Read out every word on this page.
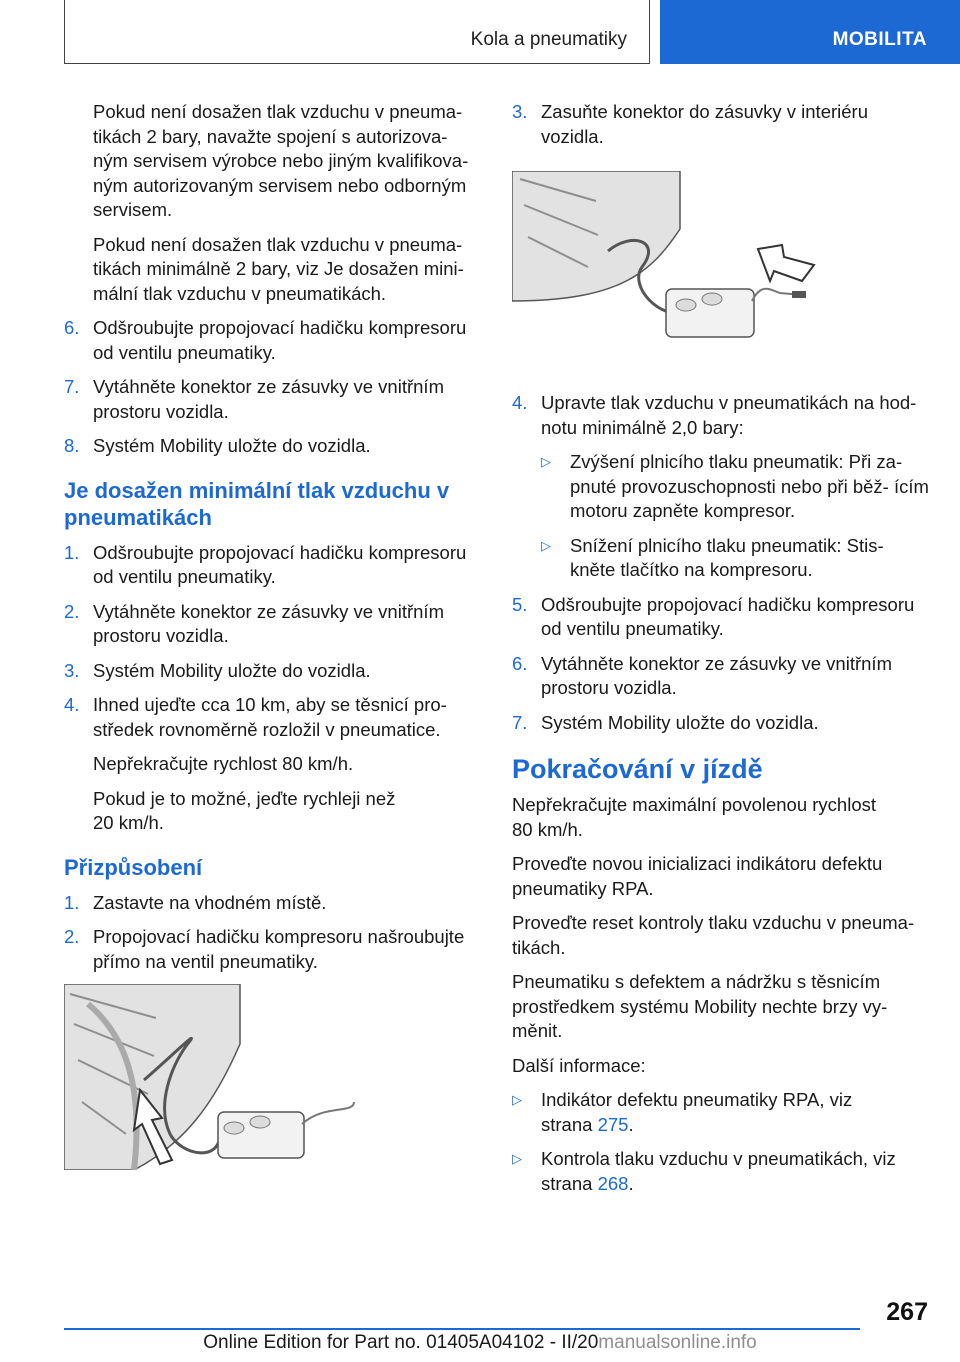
Kola a pneumatiky	MOBILITA

Pokud není dosažen tlak vzduchu v pneuma- tikách 2 bary, navažte spojení s autorizova- ným servisem výrobce nebo jiným kvalifikova- ným autorizovaným servisem nebo odborným servisem.

Pokud není dosažen tlak vzduchu v pneuma- tikách minimálně 2 bary, viz Je dosažen mini- mální tlak vzduchu v pneumatikách.

6. Odšroubujte propojovací hadičku kompresoru od ventilu pneumatiky.
7. Vytáhněte konektor ze zásuvky ve vnitřním prostoru vozidla.
8. Systém Mobility uložte do vozidla.
Je dosažen minimální tlak vzduchu v pneumatikách
1. Odšroubujte propojovací hadičku kompresoru od ventilu pneumatiky.
2. Vytáhněte konektor ze zásuvky ve vnitřním prostoru vozidla.
3. Systém Mobility uložte do vozidla.
4. Ihned ujeďte cca 10 km, aby se těsnicí pro- středek rovnoměrně rozložil v pneumatice.

Nepřekračujte rychlost 80 km/h.

Pokud je to možné, jeďte rychleji než 20 km/h.

Přizpůsobení
1. Zastavte na vhodném místě.
2. Propojovací hadičku kompresoru našroubujte přímo na ventil pneumatiky.
3. Zasuňte konektor do zásuvky v interiéru vozidla.
4. Upravte tlak vzduchu v pneumatikách na hod- notu minimálně 2,0 bary:
▷ Zvýšení plnicího tlaku pneumatik: Při za- pnuté provozuschopnosti nebo při běž- ícím motoru zapněte kompresor.
▷ Snížení plnicího tlaku pneumatik: Stis- kněte tlačítko na kompresoru.
5. Odšroubujte propojovací hadičku kompresoru od ventilu pneumatiky.
6. Vytáhněte konektor ze zásuvky ve vnitřním prostoru vozidla.
7. Systém Mobility uložte do vozidla.
Pokračování v jízdě

Nepřekračujte maximální povolenou rychlost 80 km/h.

Proveďte novou inicializaci indikátoru defektu pneumatiky RPA.

Proveďte reset kontroly tlaku vzduchu v pneuma- tikách.

Pneumatiku s defektem a nádržku s těsnicím prostředkem systému Mobility nechte brzy vy- měnit.

Další informace:

▷ Indikátor defektu pneumatiky RPA, viz strana 275.
▷ Kontrola tlaku vzduchu v pneumatikách, viz strana 268.
267
Online Edition for Part no. 01405A04102 - II/20manualsonline.info
